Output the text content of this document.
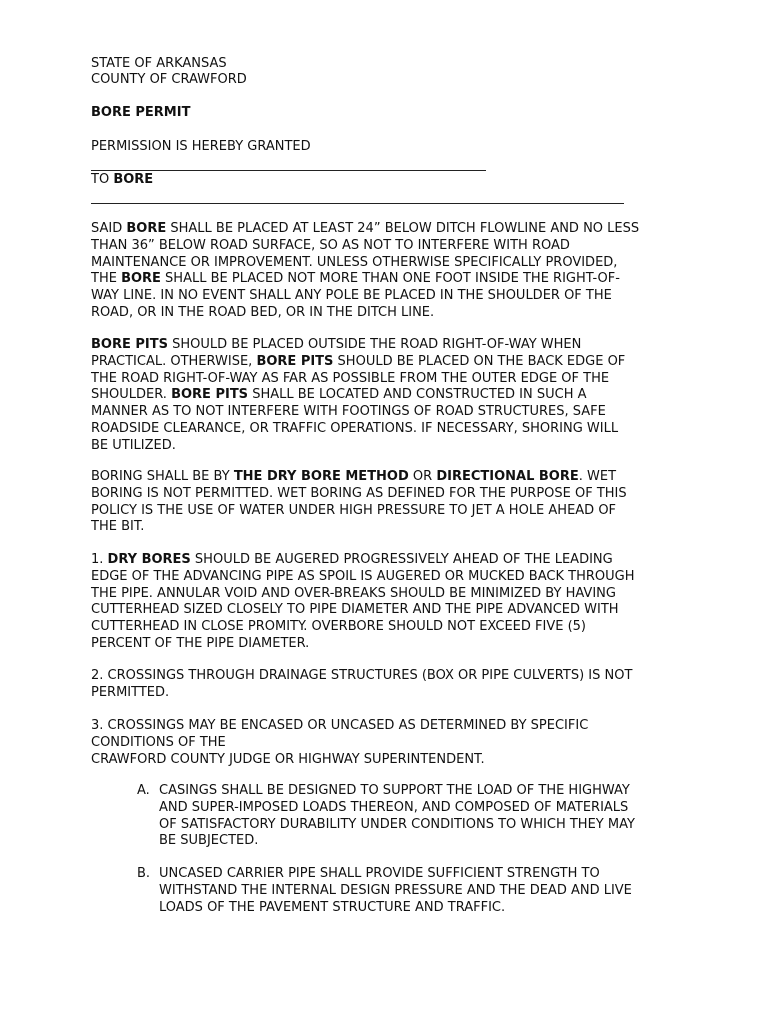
STATE OF ARKANSAS
COUNTY OF CRAWFORD
BORE PERMIT
PERMISSION IS HEREBY GRANTED
TO BORE
SAID BORE SHALL BE PLACED AT LEAST 24” BELOW DITCH FLOWLINE AND NO LESS
THAN 36” BELOW ROAD SURFACE, SO AS NOT TO INTERFERE WITH ROAD
MAINTENANCE OR IMPROVEMENT. UNLESS OTHERWISE SPECIFICALLY PROVIDED,
THE BORE SHALL BE PLACED NOT MORE THAN ONE FOOT INSIDE THE RIGHT-OF-
WAY LINE. IN NO EVENT SHALL ANY POLE BE PLACED IN THE SHOULDER OF THE
ROAD, OR IN THE ROAD BED, OR IN THE DITCH LINE.
BORE PITS SHOULD BE PLACED OUTSIDE THE ROAD RIGHT-OF-WAY WHEN
PRACTICAL. OTHERWISE, BORE PITS SHOULD BE PLACED ON THE BACK EDGE OF
THE ROAD RIGHT-OF-WAY AS FAR AS POSSIBLE FROM THE OUTER EDGE OF THE
SHOULDER. BORE PITS SHALL BE LOCATED AND CONSTRUCTED IN SUCH A
MANNER AS TO NOT INTERFERE WITH FOOTINGS OF ROAD STRUCTURES, SAFE
ROADSIDE CLEARANCE, OR TRAFFIC OPERATIONS. IF NECESSARY, SHORING WILL
BE UTILIZED.
BORING SHALL BE BY THE DRY BORE METHOD OR DIRECTIONAL BORE. WET
BORING IS NOT PERMITTED. WET BORING AS DEFINED FOR THE PURPOSE OF THIS
POLICY IS THE USE OF WATER UNDER HIGH PRESSURE TO JET A HOLE AHEAD OF
THE BIT.
1. DRY BORES SHOULD BE AUGERED PROGRESSIVELY AHEAD OF THE LEADING
EDGE OF THE ADVANCING PIPE AS SPOIL IS AUGERED OR MUCKED BACK THROUGH
THE PIPE. ANNULAR VOID AND OVER-BREAKS SHOULD BE MINIMIZED BY HAVING
CUTTERHEAD SIZED CLOSELY TO PIPE DIAMETER AND THE PIPE ADVANCED WITH
CUTTERHEAD IN CLOSE PROMITY. OVERBORE SHOULD NOT EXCEED FIVE (5)
PERCENT OF THE PIPE DIAMETER.
2. CROSSINGS THROUGH DRAINAGE STRUCTURES (BOX OR PIPE CULVERTS) IS NOT
PERMITTED.
3. CROSSINGS MAY BE ENCASED OR UNCASED AS DETERMINED BY SPECIFIC
CONDITIONS OF THE
CRAWFORD COUNTY JUDGE OR HIGHWAY SUPERINTENDENT.
A. CASINGS SHALL BE DESIGNED TO SUPPORT THE LOAD OF THE HIGHWAY
AND SUPER-IMPOSED LOADS THEREON, AND COMPOSED OF MATERIALS
OF SATISFACTORY DURABILITY UNDER CONDITIONS TO WHICH THEY MAY
BE SUBJECTED.
B. UNCASED CARRIER PIPE SHALL PROVIDE SUFFICIENT STRENGTH TO
WITHSTAND THE INTERNAL DESIGN PRESSURE AND THE DEAD AND LIVE
LOADS OF THE PAVEMENT STRUCTURE AND TRAFFIC.
